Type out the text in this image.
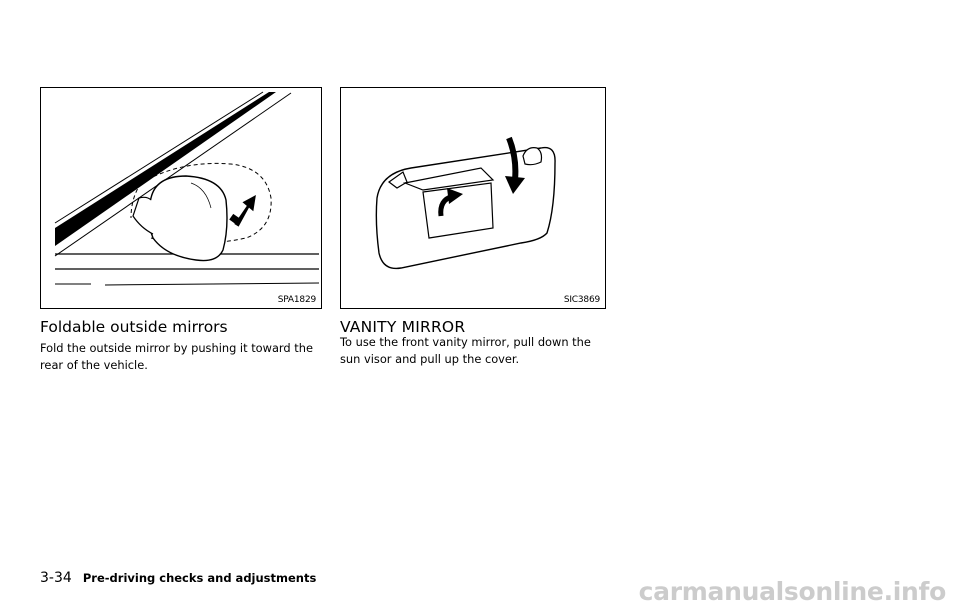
SPA1829	SIC3869
Foldable outside mirrors

Fold the outside mirror by pushing it toward the rear of the vehicle.

VANITY MIRROR

To use the front vanity mirror, pull down the sun visor and pull up the cover.

3-34 Pre-driving checks and adjustments	carmanualsonline.info
